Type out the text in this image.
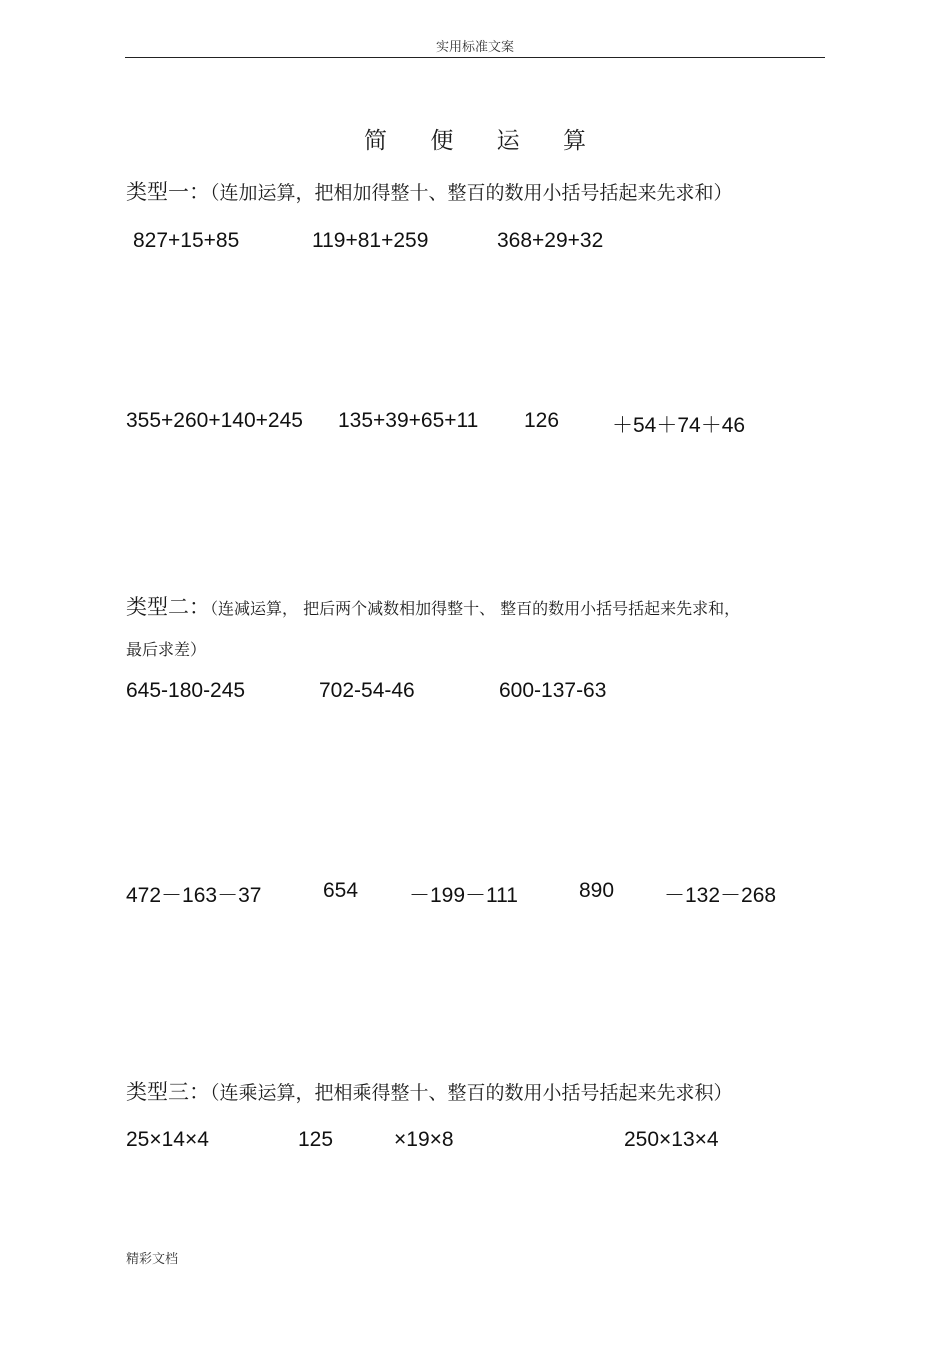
实用标准文案
简 便 运 算
类型一：（连加运算，把相加得整十、整百的数用小括号括起来先求和）
827+15+85	119+81+259	368+29+32
355+260+140+245 135+39+65+11 126	＋54＋74＋46
类型二：（连减运算， 把后两个减数相加得整十、 整百的数用小括号括起来先求和，
最后求差）
645-180-245	702-54-46	600-137-63
472－163－37	654 －199－111	890 －132－268
类型三：（连乘运算，把相乘得整十、整百的数用小括号括起来先求积）
25×14×4	125	×19×8	250×13×4
精彩文档
